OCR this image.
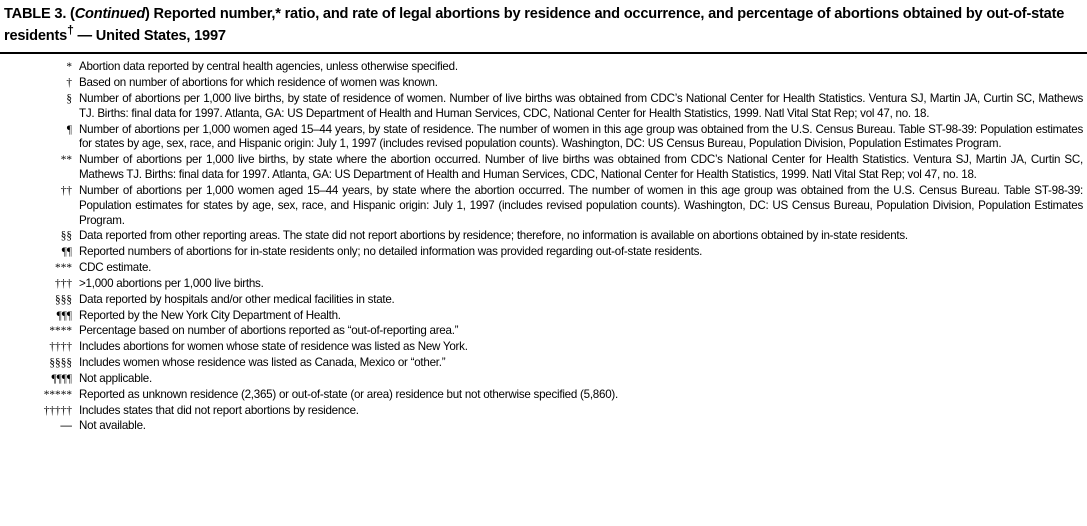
TABLE 3. (Continued) Reported number,* ratio, and rate of legal abortions by residence and occurrence, and percentage of abortions obtained by out-of-state residents† — United States, 1997
* Abortion data reported by central health agencies, unless otherwise specified.
† Based on number of abortions for which residence of women was known.
§ Number of abortions per 1,000 live births, by state of residence of women. Number of live births was obtained from CDC’s National Center for Health Statistics. Ventura SJ, Martin JA, Curtin SC, Mathews TJ. Births: final data for 1997. Atlanta, GA: US Department of Health and Human Services, CDC, National Center for Health Statistics, 1999. Natl Vital Stat Rep; vol 47, no. 18.
¶ Number of abortions per 1,000 women aged 15–44 years, by state of residence. The number of women in this age group was obtained from the U.S. Census Bureau. Table ST-98-39: Population estimates for states by age, sex, race, and Hispanic origin: July 1, 1997 (includes revised population counts). Washington, DC: US Census Bureau, Population Division, Population Estimates Program.
** Number of abortions per 1,000 live births, by state where the abortion occurred. Number of live births was obtained from CDC’s National Center for Health Statistics. Ventura SJ, Martin JA, Curtin SC, Mathews TJ. Births: final data for 1997. Atlanta, GA: US Department of Health and Human Services, CDC, National Center for Health Statistics, 1999. Natl Vital Stat Rep; vol 47, no. 18.
†† Number of abortions per 1,000 women aged 15–44 years, by state where the abortion occurred. The number of women in this age group was obtained from the U.S. Census Bureau. Table ST-98-39: Population estimates for states by age, sex, race, and Hispanic origin: July 1, 1997 (includes revised population counts). Washington, DC: US Census Bureau, Population Division, Population Estimates Program.
§§ Data reported from other reporting areas. The state did not report abortions by residence; therefore, no information is available on abortions obtained by in-state residents.
¶¶ Reported numbers of abortions for in-state residents only; no detailed information was provided regarding out-of-state residents.
*** CDC estimate.
††† >1,000 abortions per 1,000 live births.
§§§ Data reported by hospitals and/or other medical facilities in state.
¶¶¶ Reported by the New York City Department of Health.
**** Percentage based on number of abortions reported as “out-of-reporting area.”
†††† Includes abortions for women whose state of residence was listed as New York.
§§§§ Includes women whose residence was listed as Canada, Mexico or “other.”
¶¶¶¶ Not applicable.
***** Reported as unknown residence (2,365) or out-of-state (or area) residence but not otherwise specified (5,860).
††††† Includes states that did not report abortions by residence.
— Not available.
